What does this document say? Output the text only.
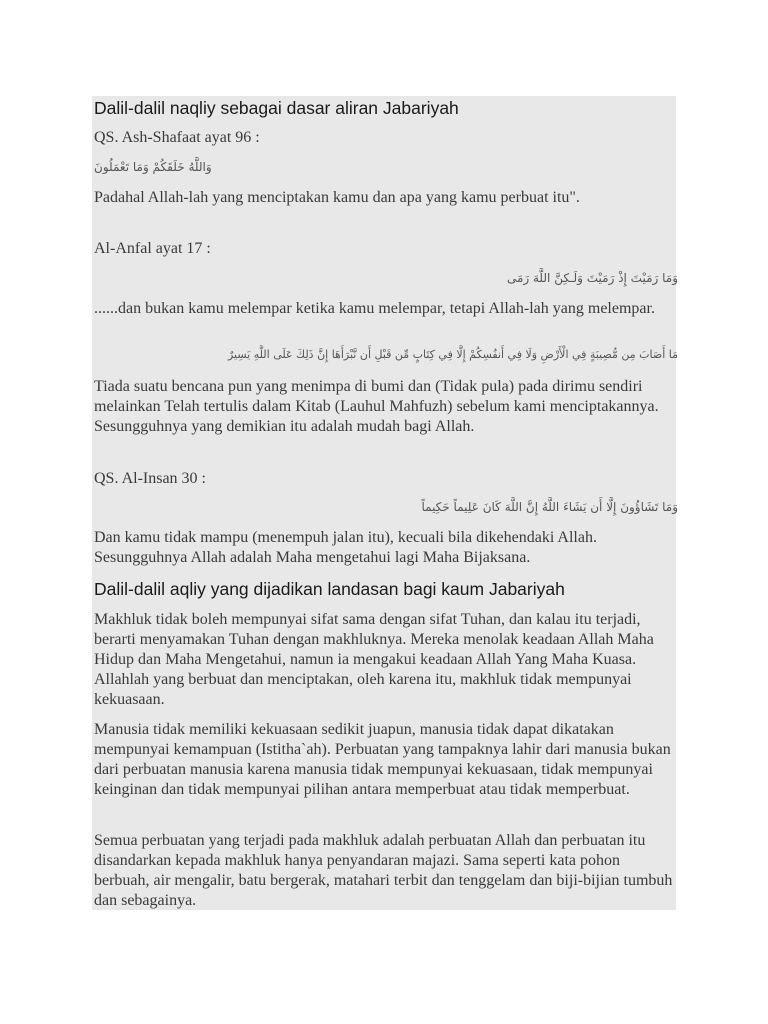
Dalil-dalil naqliy sebagai dasar aliran Jabariyah

QS. Ash-Shafaat ayat 96 :

وَاللَّهُ خَلَقَكُمْ وَمَا تَعْمَلُونَ

Padahal Allah-lah yang menciptakan kamu dan apa yang kamu perbuat itu".

Al-Anfal ayat 17 :

وَمَا رَمَيْتَ إِذْ رَمَيْتَ وَلَـكِنَّ اللَّهَ رَمَى

......dan bukan kamu melempar ketika kamu melempar, tetapi Allah-lah yang melempar.

مَا أَصَابَ مِن مُّصِيبَةٍ فِي الْأَرْضِ وَلَا فِي أَنفُسِكُمْ إِلَّا فِي كِتَابٍ مِّن قَبْلِ أَن نَّبْرَأَهَا إِنَّ ذَلِكَ عَلَى اللَّهِ يَسِيرٌ

Tiada suatu bencana pun yang menimpa di bumi dan (Tidak pula) pada dirimu sendiri melainkan Telah tertulis dalam Kitab (Lauhul Mahfuzh) sebelum kami menciptakannya. Sesungguhnya yang demikian itu adalah mudah bagi Allah.

QS. Al-Insan 30 :

وَمَا تَشَاؤُونَ إِلَّا أَن يَشَاءَ اللَّهُ إِنَّ اللَّهَ كَانَ عَلِيماً حَكِيماً

Dan kamu tidak mampu (menempuh jalan itu), kecuali bila dikehendaki Allah. Sesungguhnya Allah adalah Maha mengetahui lagi Maha Bijaksana.

Dalil-dalil aqliy yang dijadikan landasan bagi kaum Jabariyah

Makhluk tidak boleh mempunyai sifat sama dengan sifat Tuhan, dan kalau itu terjadi, berarti menyamakan Tuhan dengan makhluknya. Mereka menolak keadaan Allah Maha Hidup dan Maha Mengetahui, namun ia mengakui keadaan Allah Yang Maha Kuasa. Allahlah yang berbuat dan menciptakan, oleh karena itu, makhluk tidak mempunyai kekuasaan.

Manusia tidak memiliki kekuasaan sedikit juapun, manusia tidak dapat dikatakan mempunyai kemampuan (Istitha`ah). Perbuatan yang tampaknya lahir dari manusia bukan dari perbuatan manusia karena manusia tidak mempunyai kekuasaan, tidak mempunyai keinginan dan tidak mempunyai pilihan antara memperbuat atau tidak memperbuat.

Semua perbuatan yang terjadi pada makhluk adalah perbuatan Allah dan perbuatan itu disandarkan kepada makhluk hanya penyandaran majazi. Sama seperti kata pohon berbuah, air mengalir, batu bergerak, matahari terbit dan tenggelam dan biji-bijian tumbuh dan sebagainya.
